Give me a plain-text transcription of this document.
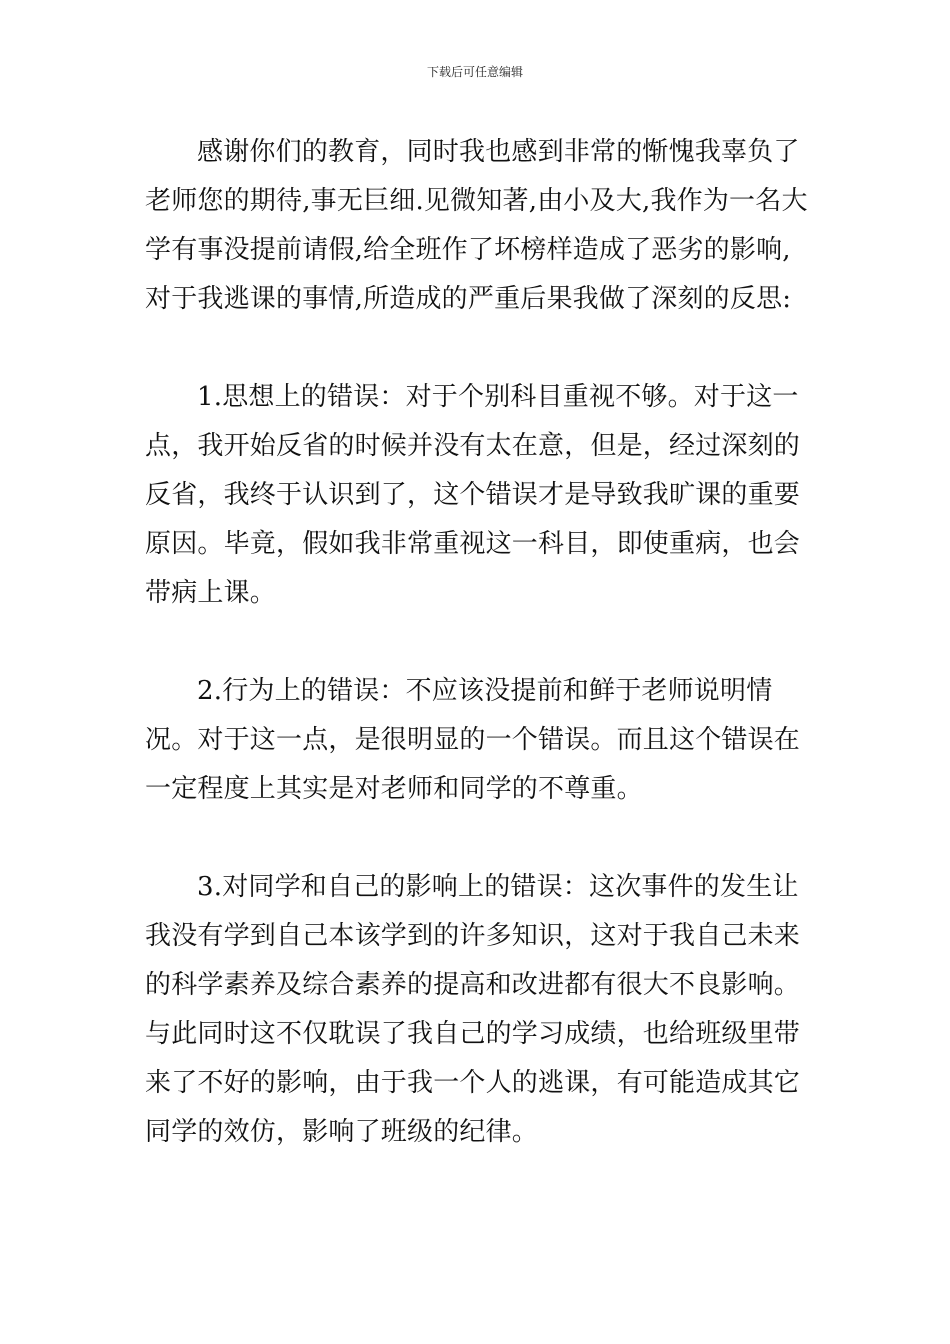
下载后可任意编辑

感谢你们的教育，同时我也感到非常的惭愧我辜负了老师您的期待,事无巨细.见微知著,由小及大,我作为一名大学有事没提前请假,给全班作了坏榜样造成了恶劣的影响,对于我逃课的事情,所造成的严重后果我做了深刻的反思:

1.思想上的错误：对于个别科目重视不够。对于这一点，我开始反省的时候并没有太在意，但是，经过深刻的反省，我终于认识到了，这个错误才是导致我旷课的重要原因。毕竟，假如我非常重视这一科目，即使重病，也会带病上课。

2.行为上的错误：不应该没提前和鲜于老师说明情况。对于这一点，是很明显的一个错误。而且这个错误在一定程度上其实是对老师和同学的不尊重。

3.对同学和自己的影响上的错误：这次事件的发生让我没有学到自己本该学到的许多知识，这对于我自己未来的科学素养及综合素养的提高和改进都有很大不良影响。与此同时这不仅耽误了我自己的学习成绩，也给班级里带来了不好的影响，由于我一个人的逃课，有可能造成其它同学的效仿，影响了班级的纪律。
